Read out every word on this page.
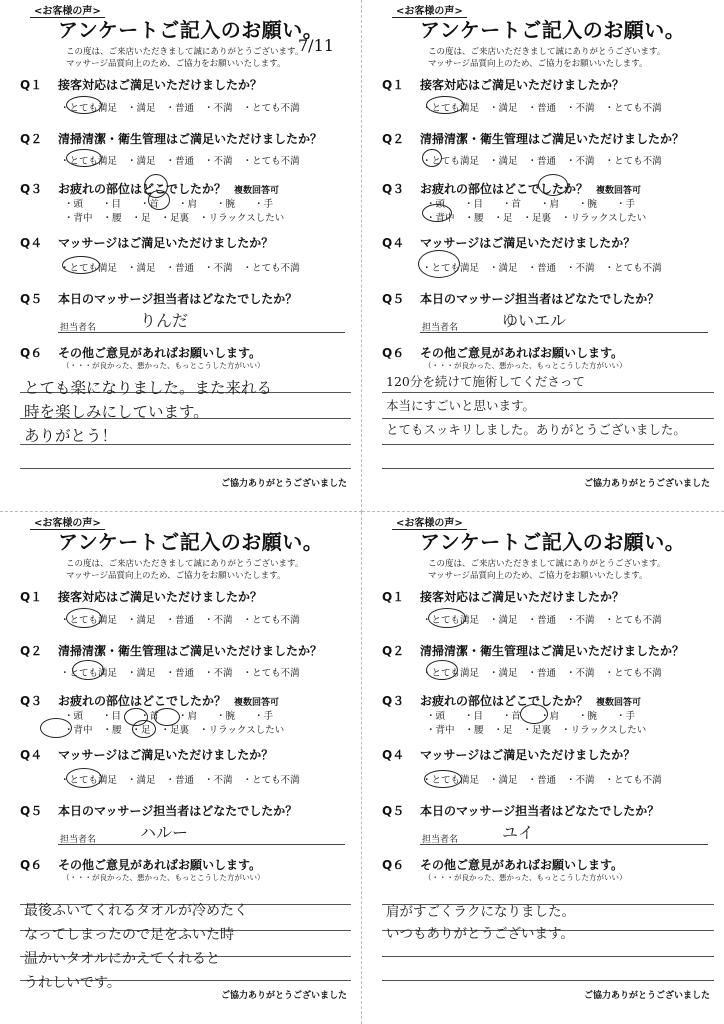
<お客様の声>
アンケートご記入のお願い。
この度は、ご来店いただきまして誠にありがとうございます。
マッサージ品質向上のため、ご協力をお願いいたします。
7/11
Q１ 接客対応はご満足いただけましたか？
・とても満足 ・満足 ・普通 ・不満 ・とても不満
Q２ 清掃清潔・衛生管理はご満足いただけましたか？
・とても満足 ・満足 ・普通 ・不満 ・とても不満
Q３ お疲れの部位はどこでしたか？ 複数回答可
・頭 ・目 ・首 ・肩 ・腕 ・手
・背中 ・腰 ・足 ・足裏 ・リラックスしたい
Q４ マッサージはご満足いただけましたか？
・とても満足 ・満足 ・普通 ・不満 ・とても不満
Q５ 本日のマッサージ担当者はどなたでしたか？
担当者名	りんだ
Q６ その他ご意見があればお願いします。
（・・・が良かった、悪かった、もっとこうした方がいい）
とても楽になりました。また来れる
時を楽しみにしています。
ありがとう！
ご協力ありがとうございました
<お客様の声>
アンケートご記入のお願い。
この度は、ご来店いただきまして誠にありがとうございます。
マッサージ品質向上のため、ご協力をお願いいたします。
Q１ 接客対応はご満足いただけましたか？
・とても満足 ・満足 ・普通 ・不満 ・とても不満
Q２ 清掃清潔・衛生管理はご満足いただけましたか？
・とても満足 ・満足 ・普通 ・不満 ・とても不満
Q３ お疲れの部位はどこでしたか？ 複数回答可
・頭 ・目 ・首 ・肩 ・腕 ・手
・背中 ・腰 ・足 ・足裏 ・リラックスしたい
Q４ マッサージはご満足いただけましたか？
・とても満足 ・満足 ・普通 ・不満 ・とても不満
Q５ 本日のマッサージ担当者はどなたでしたか？
担当者名	ゆいエル
Q６ その他ご意見があればお願いします。
（・・・が良かった、悪かった、もっとこうした方がいい）
120分を続けて施術してくださって
本当にすごいと思います。
とてもスッキリしました。ありがとうございました。
ご協力ありがとうございました
<お客様の声>
アンケートご記入のお願い。
この度は、ご来店いただきまして誠にありがとうございます。
マッサージ品質向上のため、ご協力をお願いいたします。
Q１ 接客対応はご満足いただけましたか？
・とても満足 ・満足 ・普通 ・不満 ・とても不満
Q２ 清掃清潔・衛生管理はご満足いただけましたか？
・とても満足 ・満足 ・普通 ・不満 ・とても不満
Q３ お疲れの部位はどこでしたか？ 複数回答可
・頭 ・目 ・首 ・肩 ・腕 ・手
・背中 ・腰 ・足 ・足裏 ・リラックスしたい
Q４ マッサージはご満足いただけましたか？
・とても満足 ・満足 ・普通 ・不満 ・とても不満
Q５ 本日のマッサージ担当者はどなたでしたか？
担当者名	ハルー
Q６ その他ご意見があればお願いします。
（・・・が良かった、悪かった、もっとこうした方がいい）
最後ふいてくれるタオルが冷めたく
なってしまったので足をふいた時
温かいタオルにかえてくれると
うれしいです。
ご協力ありがとうございました
<お客様の声>
アンケートご記入のお願い。
この度は、ご来店いただきまして誠にありがとうございます。
マッサージ品質向上のため、ご協力をお願いいたします。
Q１ 接客対応はご満足いただけましたか？
・とても満足 ・満足 ・普通 ・不満 ・とても不満
Q２ 清掃清潔・衛生管理はご満足いただけましたか？
・とても満足 ・満足 ・普通 ・不満 ・とても不満
Q３ お疲れの部位はどこでしたか？ 複数回答可
・頭 ・目 ・首 ・肩 ・腕 ・手
・背中 ・腰 ・足 ・足裏 ・リラックスしたい
Q４ マッサージはご満足いただけましたか？
・とても満足 ・満足 ・普通 ・不満 ・とても不満
Q５ 本日のマッサージ担当者はどなたでしたか？
担当者名	ユイ
Q６ その他ご意見があればお願いします。
（・・・が良かった、悪かった、もっとこうした方がいい）
肩がすごくラクになりました。
いつもありがとうございます。
ご協力ありがとうございました
